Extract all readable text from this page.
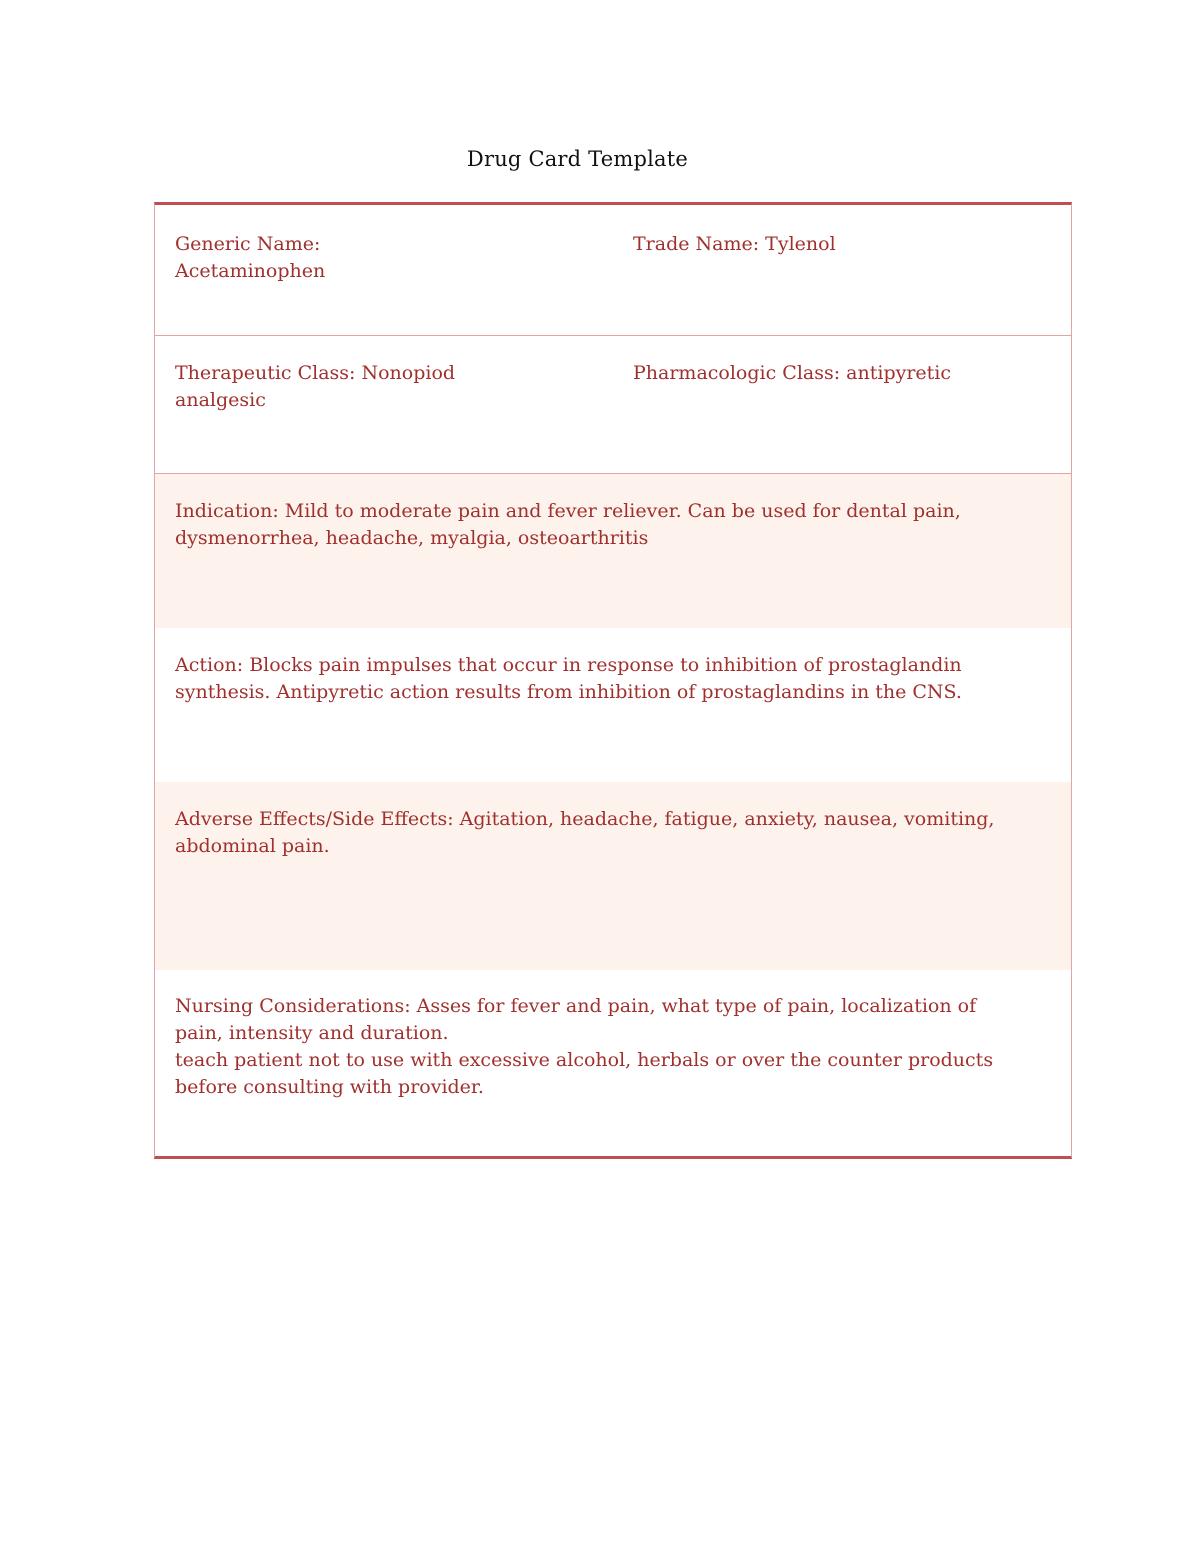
Drug Card Template
Generic Name:
Acetaminophen
Trade Name: Tylenol
Therapeutic Class: Nonopiod
analgesic
Pharmacologic Class: antipyretic
Indication: Mild to moderate pain and fever reliever. Can be used for dental pain,
dysmenorrhea, headache, myalgia, osteoarthritis
Action: Blocks pain impulses that occur in response to inhibition of prostaglandin
synthesis. Antipyretic action results from inhibition of prostaglandins in the CNS.
Adverse Effects/Side Effects: Agitation, headache, fatigue, anxiety, nausea, vomiting,
abdominal pain.
Nursing Considerations: Asses for fever and pain, what type of pain, localization of
pain, intensity and duration.
teach patient not to use with excessive alcohol, herbals or over the counter products
before consulting with provider.
